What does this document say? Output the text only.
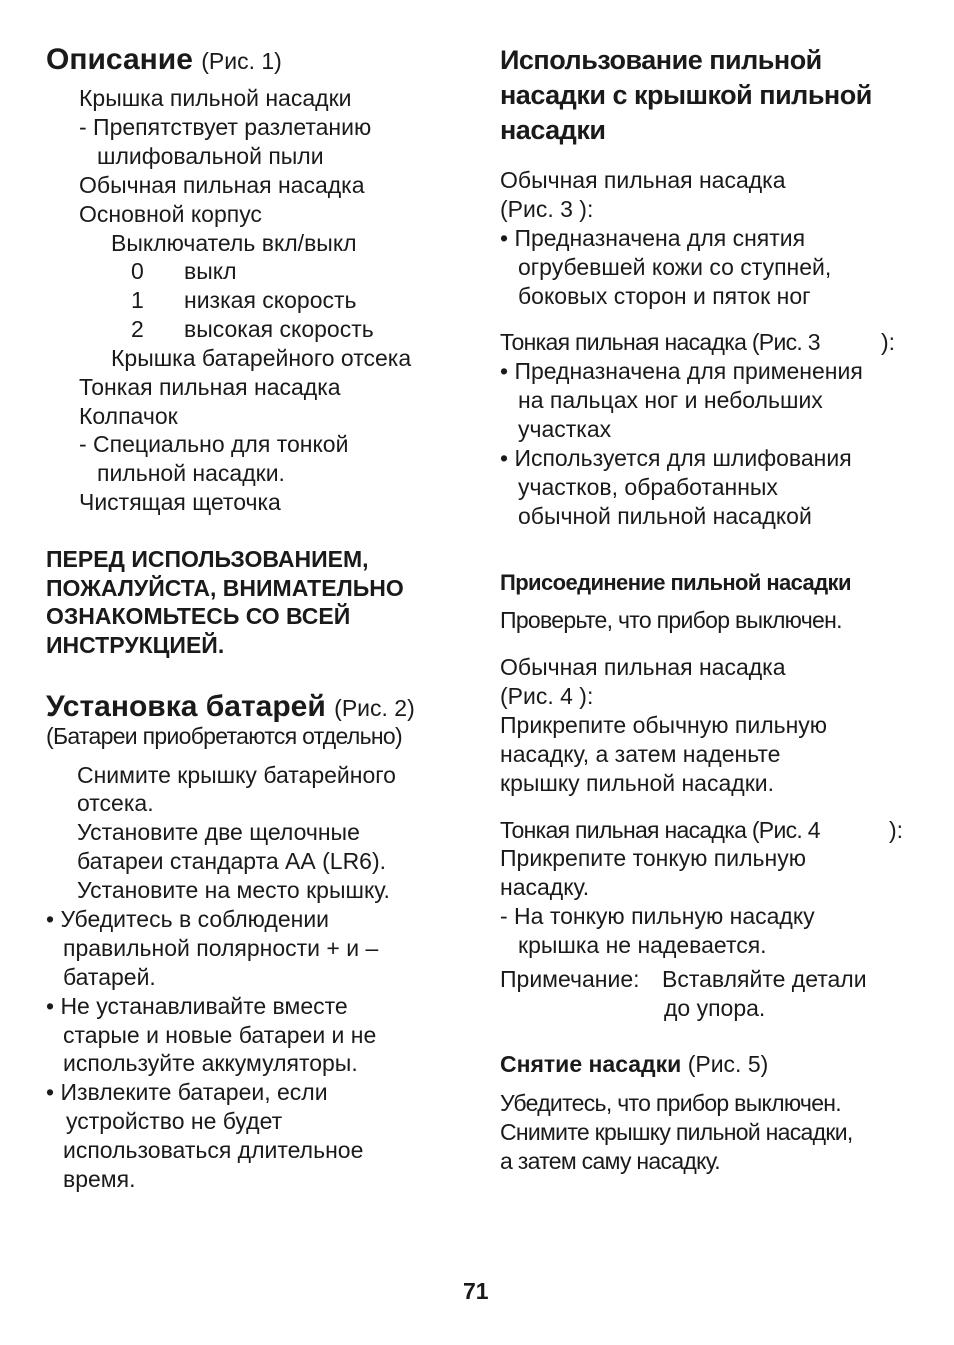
Описание (Рис. 1)
Крышка пильной насадки
- Препятствует разлетанию
шлифовальной пыли
Обычная пильная насадка
Основной корпус
Выключатель вкл/выкл
0 выкл
1 низкая скорость
2 высокая скорость
Крышка батарейного отсека
Тонкая пильная насадка
Колпачок
- Специально для тонкой
пильной насадки.
Чистящая щеточка
ПЕРЕД ИСПОЛЬЗОВАНИЕМ,
ПОЖАЛУЙСТА, ВНИМАТЕЛЬНО
ОЗНАКОМЬТЕСЬ СО ВСЕЙ
ИНСТРУКЦИЕЙ.
Установка батарей (Рис. 2)
(Батареи приобретаются отдельно)
Снимите крышку батарейного
отсека.
Установите две щелочные
батареи стандарта АА (LR6).
Установите на место крышку.
• Убедитесь в соблюдении
правильной полярности + и –
батарей.
• Не устанавливайте вместе
старые и новые батареи и не
используйте аккумуляторы.
• Извлеките батареи, если
устройство не будет
использоваться длительное
время.
Использование пильной
насадки с крышкой пильной
насадки
Обычная пильная насадка
(Рис. 3 ):
• Предназначена для снятия
огрубевшей кожи со ступней,
боковых сторон и пяток ног
Тонкая пильная насадка (Рис. 3	):
• Предназначена для применения
на пальцах ног и небольших
участках
• Используется для шлифования
участков, обработанных
обычной пильной насадкой
Присоединение пильной насадки
Проверьте, что прибор выключен.
Обычная пильная насадка
(Рис. 4 ):
Прикрепите обычную пильную
насадку, а затем наденьте
крышку пильной насадки.
Тонкая пильная насадка (Рис. 4	):
Прикрепите тонкую пильную
насадку.
- На тонкую пильную насадку
крышка не надевается.
Примечание: Вставляйте детали
до упора.
Снятие насадки (Рис. 5)
Убедитесь, что прибор выключен.
Снимите крышку пильной насадки,
а затем саму насадку.
71
